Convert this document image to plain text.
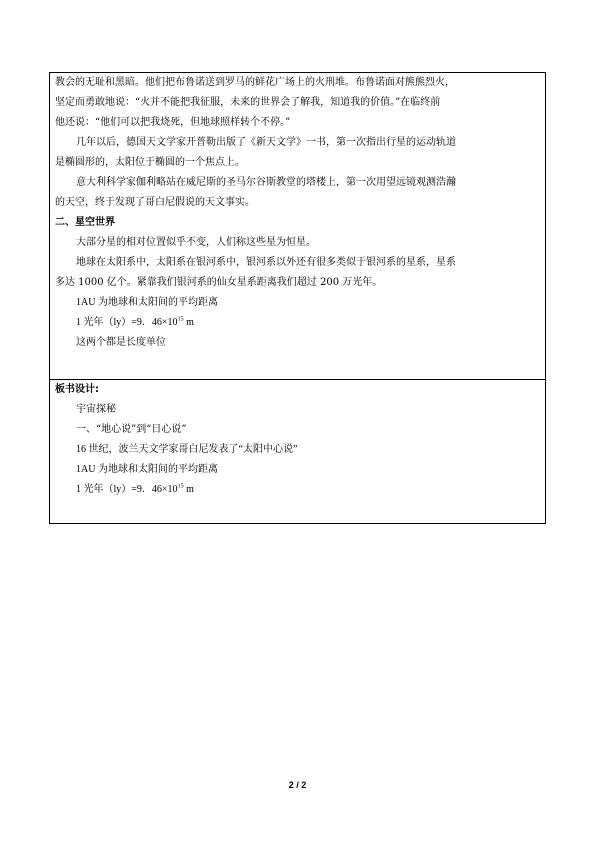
教会的无耻和黑暗。他们把布鲁诺送到罗马的鲜花广场上的火刑堆。布鲁诺面对熊熊烈火，
坚定而勇敢地说：“火并不能把我征服，未来的世界会了解我，知道我的价值。”在临终前
他还说：“他们可以把我烧死，但地球照样转个不停。”
几年以后，德国天文学家开普勒出版了《新天文学》一书，第一次指出行星的运动轨道
是椭圆形的，太阳位于椭圆的一个焦点上。
意大利科学家伽利略站在威尼斯的圣马尔谷斯教堂的塔楼上，第一次用望远镜观测浩瀚
的天空，终于发现了哥白尼假说的天文事实。
二、星空世界
大部分星的相对位置似乎不变，人们称这些星为恒星。
地球在太阳系中，太阳系在银河系中，银河系以外还有很多类似于银河系的星系，星系
多达 1000 亿个。紧靠我们银河系的仙女星系距离我们超过 200 万光年。
1AU 为地球和太阳间的平均距离
1 光年（ly）=9．$46\times 10^{15}$ m
这两个都是长度单位

板书设计:
宇宙探秘
一、“地心说”到“日心说”
16 世纪，波兰天文学家哥白尼发表了“太阳中心说”
1AU 为地球和太阳间的平均距离
1 光年（ly）=9．$46\times 10^{15}$ m
2 / 2
